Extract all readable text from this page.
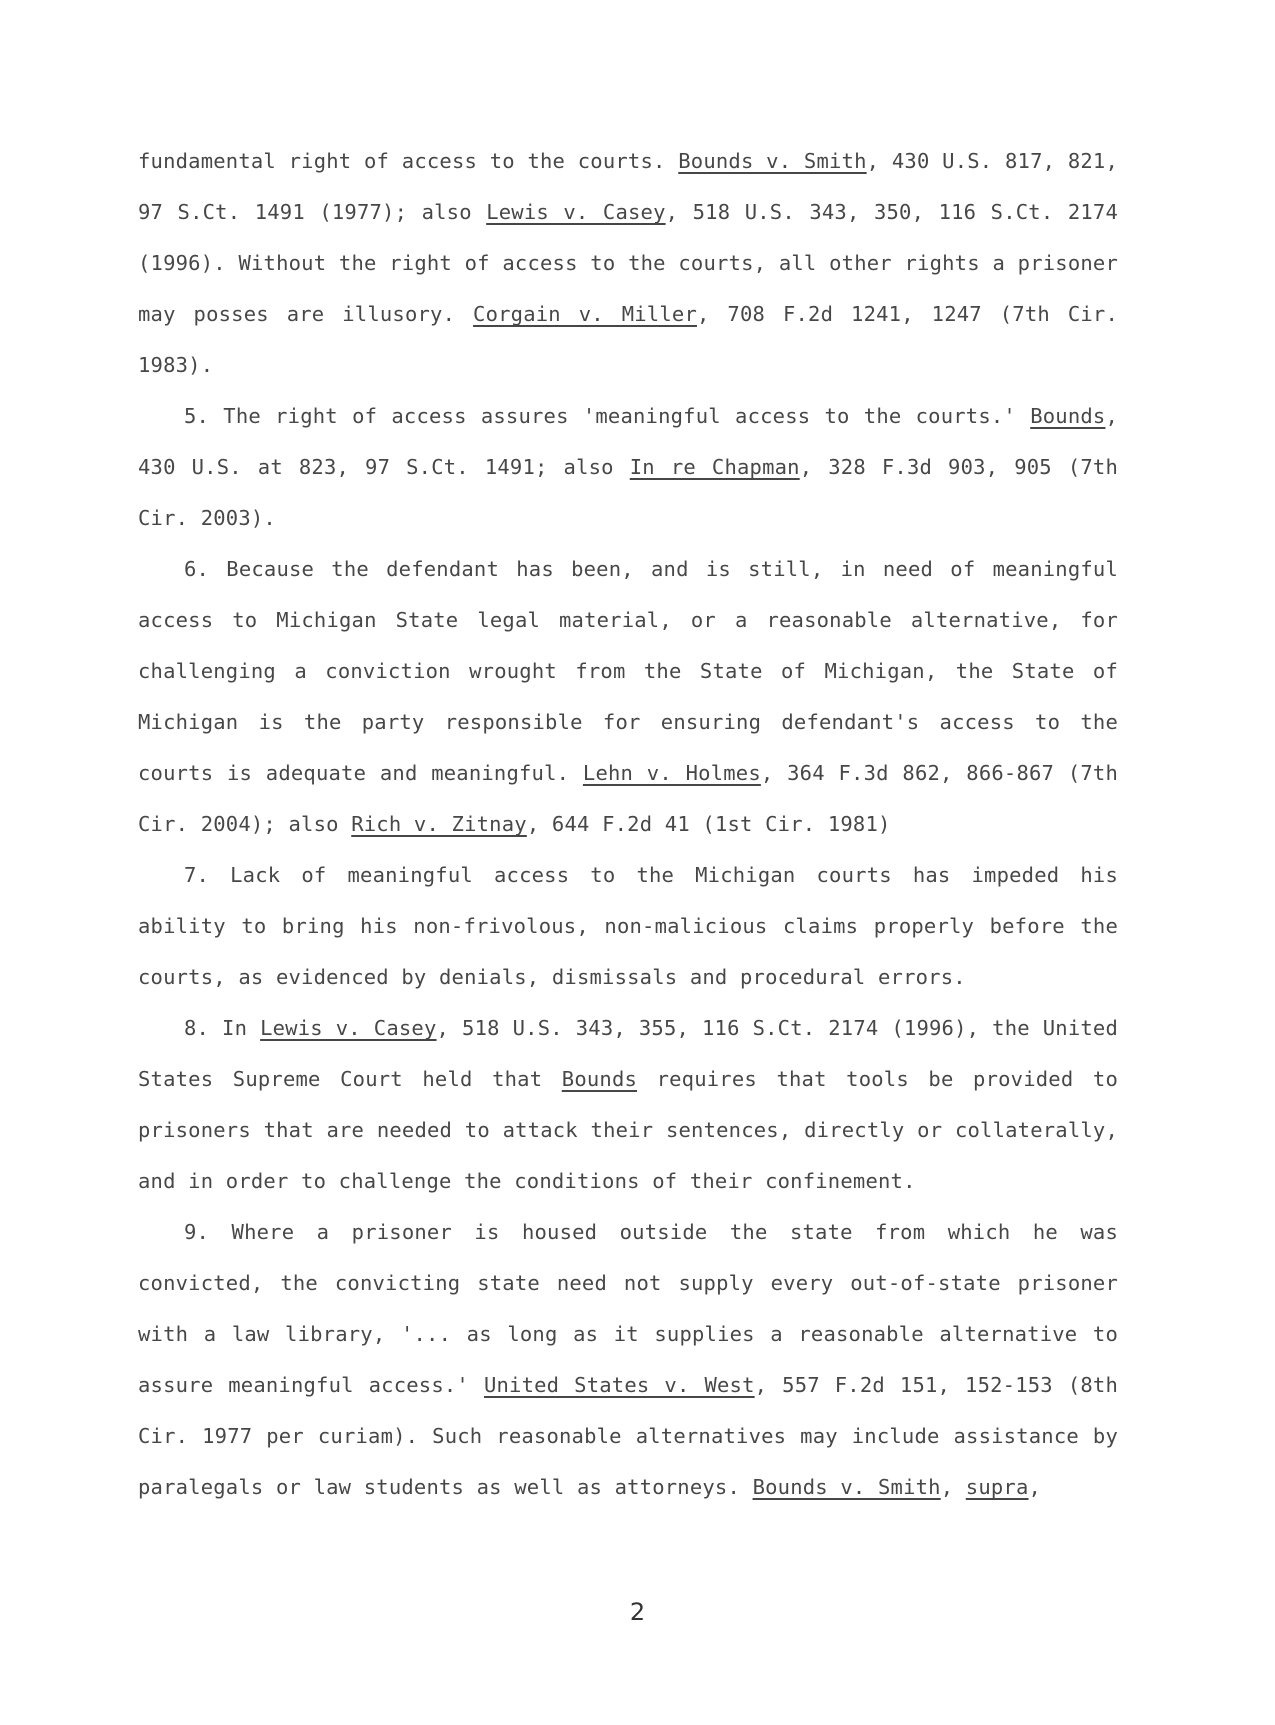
fundamental right of access to the courts. Bounds v. Smith, 430 U.S. 817, 821, 97 S.Ct. 1491 (1977); also Lewis v. Casey, 518 U.S. 343, 350, 116 S.Ct. 2174 (1996). Without the right of access to the courts, all other rights a prisoner may posses are illusory. Corgain v. Miller, 708 F.2d 1241, 1247 (7th Cir. 1983).

5. The right of access assures 'meaningful access to the courts.' Bounds, 430 U.S. at 823, 97 S.Ct. 1491; also In re Chapman, 328 F.3d 903, 905 (7th Cir. 2003).

6. Because the defendant has been, and is still, in need of meaningful access to Michigan State legal material, or a reasonable alternative, for challenging a conviction wrought from the State of Michigan, the State of Michigan is the party responsible for ensuring defendant's access to the courts is adequate and meaningful. Lehn v. Holmes, 364 F.3d 862, 866-867 (7th Cir. 2004); also Rich v. Zitnay, 644 F.2d 41 (1st Cir. 1981)

7. Lack of meaningful access to the Michigan courts has impeded his ability to bring his non-frivolous, non-malicious claims properly before the courts, as evidenced by denials, dismissals and procedural errors.

8. In Lewis v. Casey, 518 U.S. 343, 355, 116 S.Ct. 2174 (1996), the United States Supreme Court held that Bounds requires that tools be provided to prisoners that are needed to attack their sentences, directly or collaterally, and in order to challenge the conditions of their confinement.

9. Where a prisoner is housed outside the state from which he was convicted, the convicting state need not supply every out-of-state prisoner with a law library, '... as long as it supplies a reasonable alternative to assure meaningful access.' United States v. West, 557 F.2d 151, 152-153 (8th Cir. 1977 per curiam). Such reasonable alternatives may include assistance by paralegals or law students as well as attorneys. Bounds v. Smith, supra,

2
